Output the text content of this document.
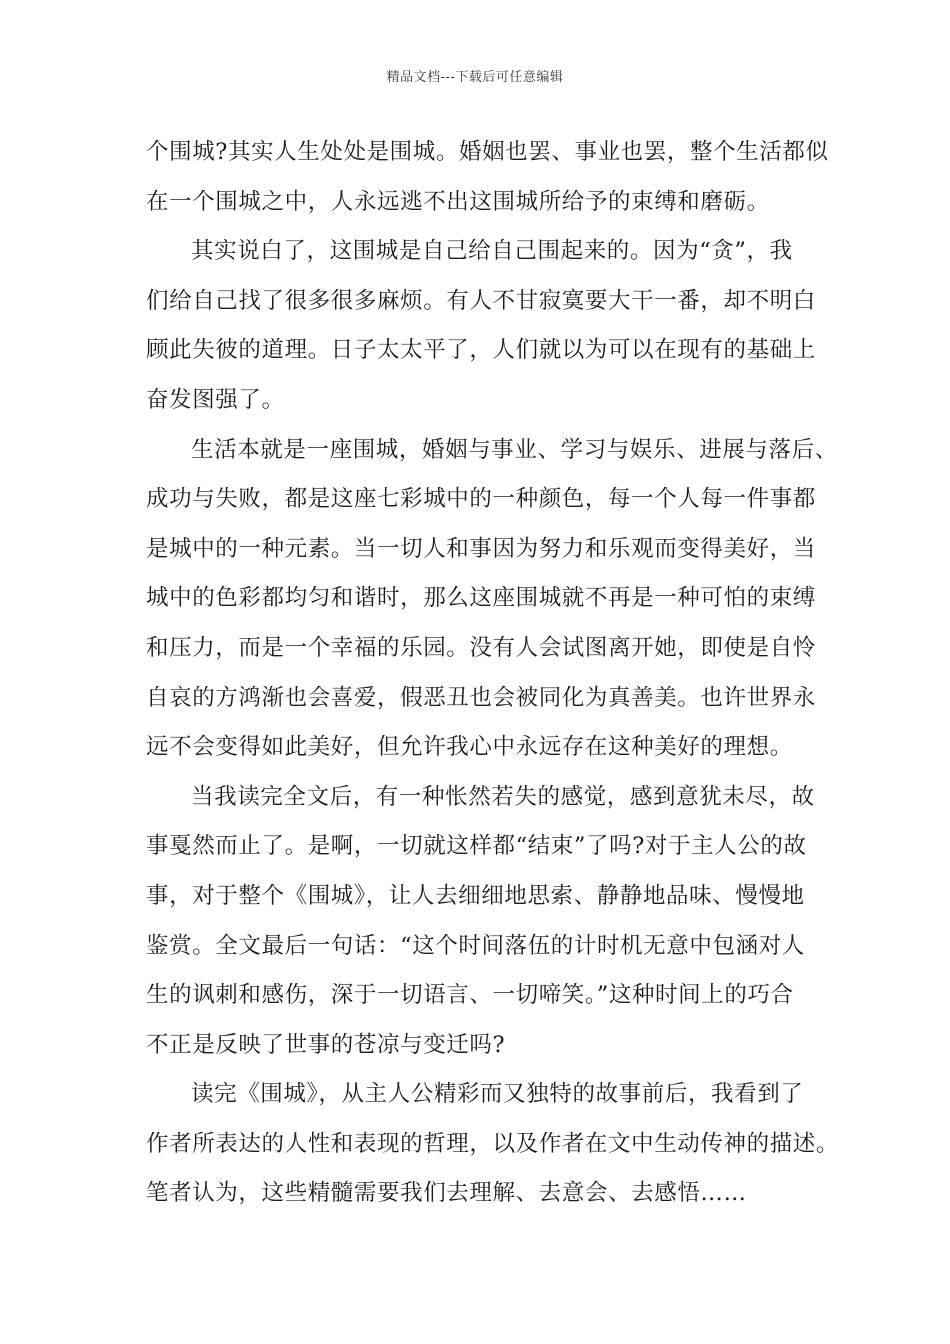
精品文档---下载后可任意编辑
个围城?其实人生处处是围城。婚姻也罢、事业也罢，整个生活都似
在一个围城之中，人永远逃不出这围城所给予的束缚和磨砺。
其实说白了，这围城是自己给自己围起来的。因为“贪”，我
们给自己找了很多很多麻烦。有人不甘寂寞要大干一番，却不明白
顾此失彼的道理。日子太太平了，人们就以为可以在现有的基础上
奋发图强了。
生活本就是一座围城，婚姻与事业、学习与娱乐、进展与落后、
成功与失败，都是这座七彩城中的一种颜色，每一个人每一件事都
是城中的一种元素。当一切人和事因为努力和乐观而变得美好，当
城中的色彩都均匀和谐时，那么这座围城就不再是一种可怕的束缚
和压力，而是一个幸福的乐园。没有人会试图离开她，即使是自怜
自哀的方鸿渐也会喜爱，假恶丑也会被同化为真善美。也许世界永
远不会变得如此美好，但允许我心中永远存在这种美好的理想。
当我读完全文后，有一种怅然若失的感觉，感到意犹未尽，故
事戛然而止了。是啊，一切就这样都“结束”了吗?对于主人公的故
事，对于整个《围城》，让人去细细地思索、静静地品味、慢慢地
鉴赏。全文最后一句话：“这个时间落伍的计时机无意中包涵对人
生的讽刺和感伤，深于一切语言、一切啼笑。”这种时间上的巧合
不正是反映了世事的苍凉与变迁吗?
读完《围城》，从主人公精彩而又独特的故事前后，我看到了
作者所表达的人性和表现的哲理，以及作者在文中生动传神的描述。
笔者认为，这些精髓需要我们去理解、去意会、去感悟……
